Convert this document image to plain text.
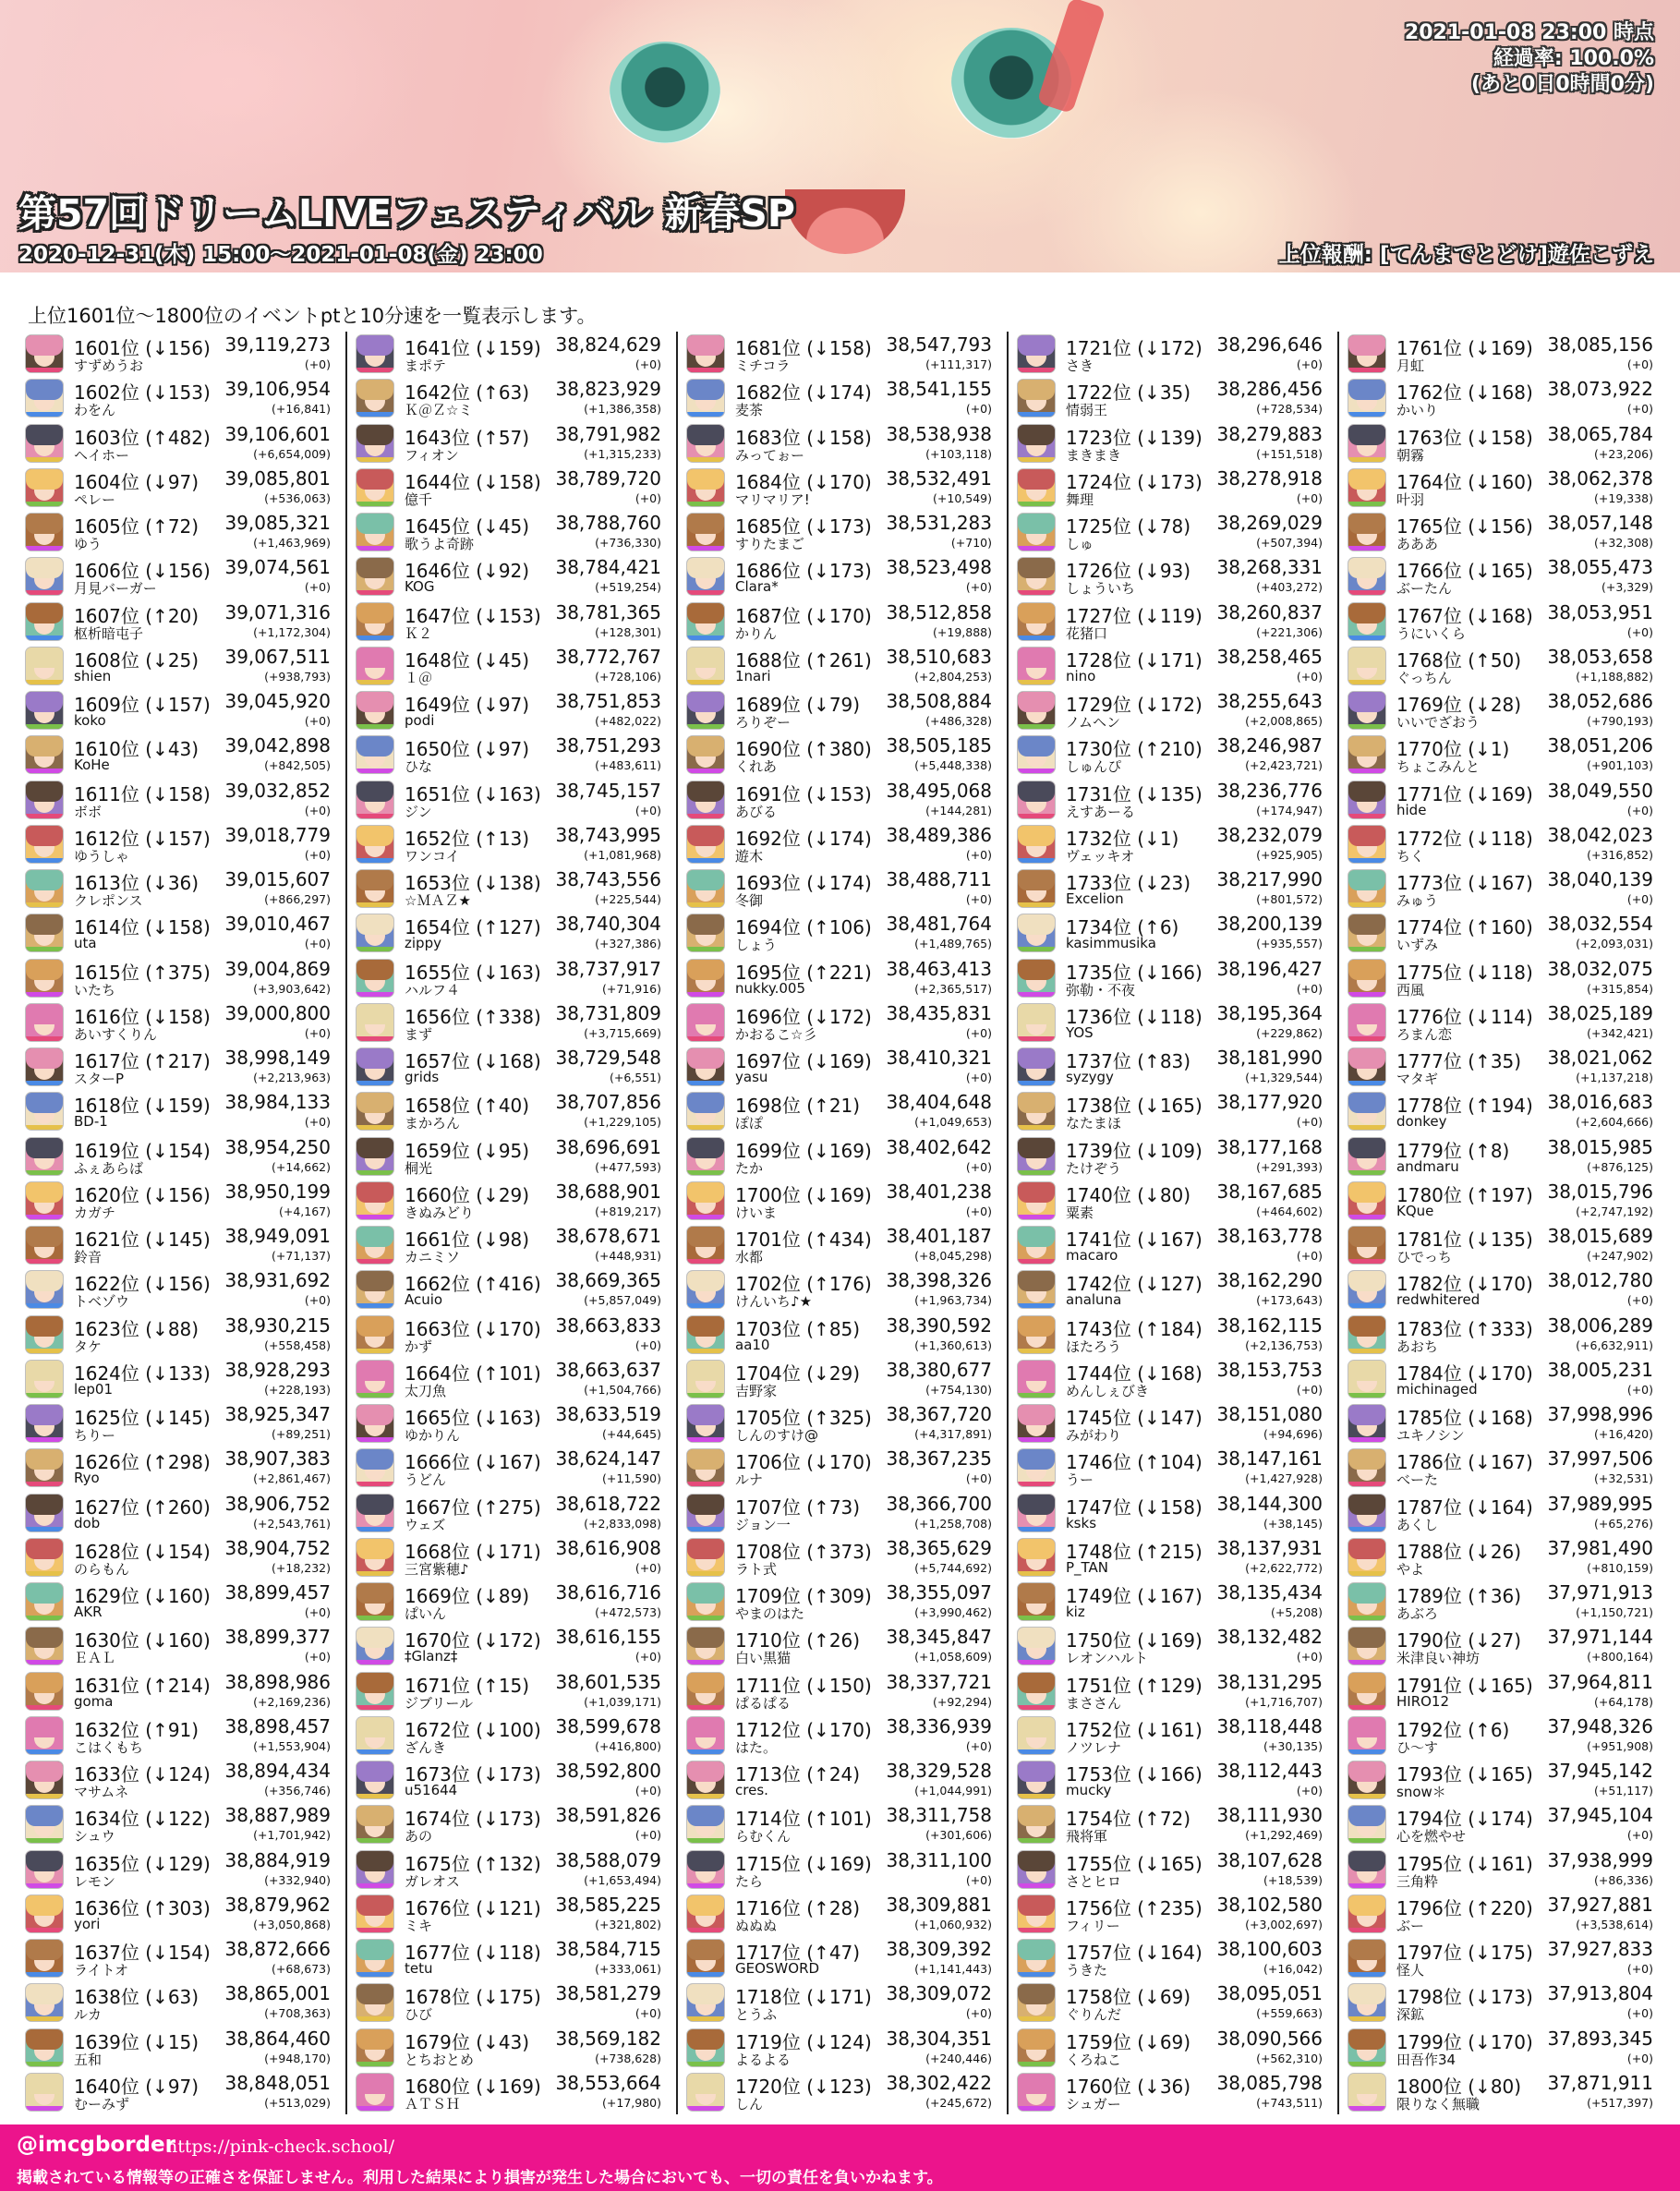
2021-01-08 23:00 時点
経過率: 100.0%
(あと0日0時間0分)
第57回ドリームLIVEフェスティバル 新春SP
2020-12-31(木) 15:00～2021-01-08(金) 23:00	上位報酬: [てんまでとどけ]遊佐こずえ
上位1601位～1800位のイベントptと10分速を一覧表示します。
1601位 (↓156) 39,119,273
すずめうお	(+0)
1602位 (↓153) 39,106,954
わをん	(+16,841)
1603位 (↑482) 39,106,601
ヘイホー	(+6,654,009)
1604位 (↓97) 39,085,801
ペレー	(+536,063)
1605位 (↑72) 39,085,321
ゆう	(+1,463,969)
1606位 (↓156) 39,074,561
月見バーガー	(+0)
1607位 (↑20) 39,071,316
枢析暗屯子	(+1,172,304)
1608位 (↓25) 39,067,511
shien	(+938,793)
1609位 (↓157) 39,045,920
koko	(+0)
1610位 (↓43) 39,042,898
KoHe	(+842,505)
1611位 (↓158) 39,032,852
ボボ	(+0)
1612位 (↓157) 39,018,779
ゆうしゃ	(+0)
1613位 (↓36) 39,015,607
クレポンス	(+866,297)
1614位 (↓158) 39,010,467
uta	(+0)
1615位 (↑375) 39,004,869
いたち	(+3,903,642)
1616位 (↓158) 39,000,800
あいすくりん	(+0)
1617位 (↑217) 38,998,149
スターP	(+2,213,963)
1618位 (↓159) 38,984,133
BD-1	(+0)
1619位 (↓154) 38,954,250
ふぇあらば	(+14,662)
1620位 (↓156) 38,950,199
カガチ	(+4,167)
1621位 (↓145) 38,949,091
鈴音	(+71,137)
1622位 (↓156) 38,931,692
トベゾウ	(+0)
1623位 (↓88) 38,930,215
タケ	(+558,458)
1624位 (↓133) 38,928,293
lep01	(+228,193)
1625位 (↓145) 38,925,347
ちりー	(+89,251)
1626位 (↑298) 38,907,383
Ryo	(+2,861,467)
1627位 (↑260) 38,906,752
dob	(+2,543,761)
1628位 (↓154) 38,904,752
のらもん	(+18,232)
1629位 (↓160) 38,899,457
AKR	(+0)
1630位 (↓160) 38,899,377
ＥＡＬ	(+0)
1631位 (↑214) 38,898,986
goma	(+2,169,236)
1632位 (↑91) 38,898,457
こはくもち	(+1,553,904)
1633位 (↓124) 38,894,434
マサムネ	(+356,746)
1634位 (↓122) 38,887,989
シュウ	(+1,701,942)
1635位 (↓129) 38,884,919
レモン	(+332,940)
1636位 (↑303) 38,879,962
yori	(+3,050,868)
1637位 (↓154) 38,872,666
ライトオ	(+68,673)
1638位 (↓63) 38,865,001
ルカ	(+708,363)
1639位 (↓15) 38,864,460
五和	(+948,170)
1640位 (↓97) 38,848,051
むーみず	(+513,029)
1641位 (↓159) 38,824,629
まポテ	(+0)
1642位 (↑63) 38,823,929
Ｋ＠Ｚ☆ミ	(+1,386,358)
1643位 (↑57) 38,791,982
フィオン	(+1,315,233)
1644位 (↓158) 38,789,720
億千	(+0)
1645位 (↓45) 38,788,760
歌うよ奇跡	(+736,330)
1646位 (↓92) 38,784,421
KOG	(+519,254)
1647位 (↓153) 38,781,365
Ｋ２	(+128,301)
1648位 (↓45) 38,772,767
１＠	(+728,106)
1649位 (↓97) 38,751,853
podi	(+482,022)
1650位 (↓97) 38,751,293
ひな	(+483,611)
1651位 (↓163) 38,745,157
ジン	(+0)
1652位 (↑13) 38,743,995
ワンコイ	(+1,081,968)
1653位 (↓138) 38,743,556
☆ＭＡＺ★	(+225,544)
1654位 (↑127) 38,740,304
zippy	(+327,386)
1655位 (↓163) 38,737,917
ハルフ４	(+71,916)
1656位 (↑338) 38,731,809
まず	(+3,715,669)
1657位 (↓168) 38,729,548
grids	(+6,551)
1658位 (↑40) 38,707,856
まかろん	(+1,229,105)
1659位 (↓95) 38,696,691
桐光	(+477,593)
1660位 (↓29) 38,688,901
きぬみどり	(+819,217)
1661位 (↓98) 38,678,671
カニミソ	(+448,931)
1662位 (↑416) 38,669,365
Acuio	(+5,857,049)
1663位 (↓170) 38,663,833
かず	(+0)
1664位 (↑101) 38,663,637
太刀魚	(+1,504,766)
1665位 (↓163) 38,633,519
ゆかりん	(+44,645)
1666位 (↓167) 38,624,147
うどん	(+11,590)
1667位 (↑275) 38,618,722
ウェズ	(+2,833,098)
1668位 (↓171) 38,616,908
三宮紫穂♪	(+0)
1669位 (↓89) 38,616,716
ぱいん	(+472,573)
1670位 (↓172) 38,616,155
‡Glanz‡	(+0)
1671位 (↑15) 38,601,535
ジブリール	(+1,039,171)
1672位 (↓100) 38,599,678
ざんき	(+416,800)
1673位 (↓173) 38,592,800
u51644	(+0)
1674位 (↓173) 38,591,826
あの	(+0)
1675位 (↑132) 38,588,079
ガレオス	(+1,653,494)
1676位 (↓121) 38,585,225
ミキ	(+321,802)
1677位 (↓118) 38,584,715
tetu	(+333,061)
1678位 (↓175) 38,581,279
ひび	(+0)
1679位 (↓43) 38,569,182
とちおとめ	(+738,628)
1680位 (↓169) 38,553,664
ＡＴＳＨ	(+17,980)
1681位 (↓158) 38,547,793
ミチコラ	(+111,317)
1682位 (↓174) 38,541,155
麦茶	(+0)
1683位 (↓158) 38,538,938
みってぉー	(+103,118)
1684位 (↓170) 38,532,491
マリマリア!	(+10,549)
1685位 (↓173) 38,531,283
すりたまご	(+710)
1686位 (↓173) 38,523,498
Clara*	(+0)
1687位 (↓170) 38,512,858
かりん	(+19,888)
1688位 (↑261) 38,510,683
1nari	(+2,804,253)
1689位 (↓79) 38,508,884
ろりぞー	(+486,328)
1690位 (↑380) 38,505,185
くれあ	(+5,448,338)
1691位 (↓153) 38,495,068
あびる	(+144,281)
1692位 (↓174) 38,489,386
遊木	(+0)
1693位 (↓174) 38,488,711
冬御	(+0)
1694位 (↑106) 38,481,764
しょう	(+1,489,765)
1695位 (↑221) 38,463,413
nukky.005	(+2,365,517)
1696位 (↓172) 38,435,831
かおるこ☆彡	(+0)
1697位 (↓169) 38,410,321
yasu	(+0)
1698位 (↑21) 38,404,648
ぽぽ	(+1,049,653)
1699位 (↓169) 38,402,642
たか	(+0)
1700位 (↓169) 38,401,238
けいま	(+0)
1701位 (↑434) 38,401,187
水都	(+8,045,298)
1702位 (↑176) 38,398,326
けんいち♪★	(+1,963,734)
1703位 (↑85) 38,390,592
aa10	(+1,360,613)
1704位 (↓29) 38,380,677
吉野家	(+754,130)
1705位 (↑325) 38,367,720
しんのすけ@	(+4,317,891)
1706位 (↓170) 38,367,235
ルナ	(+0)
1707位 (↑73) 38,366,700
ジョン一	(+1,258,708)
1708位 (↑373) 38,365,629
ラト式	(+5,744,692)
1709位 (↑309) 38,355,097
やまのはた	(+3,990,462)
1710位 (↑26) 38,345,847
白い黒猫	(+1,058,609)
1711位 (↓150) 38,337,721
ぱるぱる	(+92,294)
1712位 (↓170) 38,336,939
はた。	(+0)
1713位 (↑24) 38,329,528
cres.	(+1,044,991)
1714位 (↑101) 38,311,758
らむくん	(+301,606)
1715位 (↓169) 38,311,100
たら	(+0)
1716位 (↑28) 38,309,881
ぬぬぬ	(+1,060,932)
1717位 (↑47) 38,309,392
GEOSWORD	(+1,141,443)
1718位 (↓171) 38,309,072
とうふ	(+0)
1719位 (↓124) 38,304,351
よるよる	(+240,446)
1720位 (↓123) 38,302,422
しん	(+245,672)
1721位 (↓172) 38,296,646
さき	(+0)
1722位 (↓35) 38,286,456
情弱王	(+728,534)
1723位 (↓139) 38,279,883
まきまき	(+151,518)
1724位 (↓173) 38,278,918
舞理	(+0)
1725位 (↓78) 38,269,029
しゅ	(+507,394)
1726位 (↓93) 38,268,331
しょういち	(+403,272)
1727位 (↓119) 38,260,837
花猪口	(+221,306)
1728位 (↓171) 38,258,465
nino	(+0)
1729位 (↓172) 38,255,643
ノムヘン	(+2,008,865)
1730位 (↑210) 38,246,987
しゅんぴ	(+2,423,721)
1731位 (↓135) 38,236,776
えすあーる	(+174,947)
1732位 (↓1) 38,232,079
ヴェッキオ	(+925,905)
1733位 (↓23) 38,217,990
Excelion	(+801,572)
1734位 (↑6) 38,200,139
kasimmusika	(+935,557)
1735位 (↓166) 38,196,427
弥勒・不夜	(+0)
1736位 (↓118) 38,195,364
YOS	(+229,862)
1737位 (↑83) 38,181,990
syzygy	(+1,329,544)
1738位 (↓165) 38,177,920
なたまほ	(+0)
1739位 (↓109) 38,177,168
たけぞう	(+291,393)
1740位 (↓80) 38,167,685
粟素	(+464,602)
1741位 (↓167) 38,163,778
macaro	(+0)
1742位 (↓127) 38,162,290
analuna	(+173,643)
1743位 (↑184) 38,162,115
ほたろう	(+2,136,753)
1744位 (↓168) 38,153,753
めんしぇびき	(+0)
1745位 (↓147) 38,151,080
みがわり	(+94,696)
1746位 (↑104) 38,147,161
うー	(+1,427,928)
1747位 (↓158) 38,144,300
ksks	(+38,145)
1748位 (↑215) 38,137,931
P_TAN	(+2,622,772)
1749位 (↓167) 38,135,434
kiz	(+5,208)
1750位 (↓169) 38,132,482
レオンハルト	(+0)
1751位 (↑129) 38,131,295
まささん	(+1,716,707)
1752位 (↓161) 38,118,448
ノツレナ	(+30,135)
1753位 (↓166) 38,112,443
mucky	(+0)
1754位 (↑72) 38,111,930
飛将軍	(+1,292,469)
1755位 (↓165) 38,107,628
さとヒロ	(+18,539)
1756位 (↑235) 38,102,580
フィリー	(+3,002,697)
1757位 (↓164) 38,100,603
うきた	(+16,042)
1758位 (↓69) 38,095,051
ぐりんだ	(+559,663)
1759位 (↓69) 38,090,566
くろねこ	(+562,310)
1760位 (↓36) 38,085,798
シュガー	(+743,511)
1761位 (↓169) 38,085,156
月虹	(+0)
1762位 (↓168) 38,073,922
かいり	(+0)
1763位 (↓158) 38,065,784
朝霧	(+23,206)
1764位 (↓160) 38,062,378
叶羽	(+19,338)
1765位 (↓156) 38,057,148
あああ	(+32,308)
1766位 (↓165) 38,055,473
ぶーたん	(+3,329)
1767位 (↓168) 38,053,951
うにいくら	(+0)
1768位 (↑50) 38,053,658
ぐっちん	(+1,188,882)
1769位 (↓28) 38,052,686
いいでざおう	(+790,193)
1770位 (↓1) 38,051,206
ちょこみんと	(+901,103)
1771位 (↓169) 38,049,550
hide	(+0)
1772位 (↓118) 38,042,023
ちく	(+316,852)
1773位 (↓167) 38,040,139
みゅう	(+0)
1774位 (↑160) 38,032,554
いずみ	(+2,093,031)
1775位 (↓118) 38,032,075
西風	(+315,854)
1776位 (↓114) 38,025,189
ろまん恋	(+342,421)
1777位 (↑35) 38,021,062
マタギ	(+1,137,218)
1778位 (↑194) 38,016,683
donkey	(+2,604,666)
1779位 (↑8) 38,015,985
andmaru	(+876,125)
1780位 (↑197) 38,015,796
KQue	(+2,747,192)
1781位 (↓135) 38,015,689
ひでっち	(+247,902)
1782位 (↓170) 38,012,780
redwhitered	(+0)
1783位 (↑333) 38,006,289
あおち	(+6,632,911)
1784位 (↓170) 38,005,231
michinaged	(+0)
1785位 (↓168) 37,998,996
ユキノシン	(+16,420)
1786位 (↓167) 37,997,506
べーた	(+32,531)
1787位 (↓164) 37,989,995
あくし	(+65,276)
1788位 (↓26) 37,981,490
やよ	(+810,159)
1789位 (↑36) 37,971,913
あぶろ	(+1,150,721)
1790位 (↓27) 37,971,144
米津良い神坊	(+800,164)
1791位 (↓165) 37,964,811
HIRO12	(+64,178)
1792位 (↑6) 37,948,326
ひ～す	(+951,908)
1793位 (↓165) 37,945,142
snow＊	(+51,117)
1794位 (↓174) 37,945,104
心を燃やせ	(+0)
1795位 (↓161) 37,938,999
三角粋	(+86,336)
1796位 (↑220) 37,927,881
ぶー	(+3,538,614)
1797位 (↓175) 37,927,833
怪人	(+0)
1798位 (↓173) 37,913,804
深鉱	(+0)
1799位 (↓170) 37,893,345
田吾作34	(+0)
1800位 (↓80) 37,871,911
限りなく無職	(+517,397)
@imcgborder
https://pink-check.school/
掲載されている情報等の正確さを保証しません。利用した結果により損害が発生した場合においても、一切の責任を負いかねます。
